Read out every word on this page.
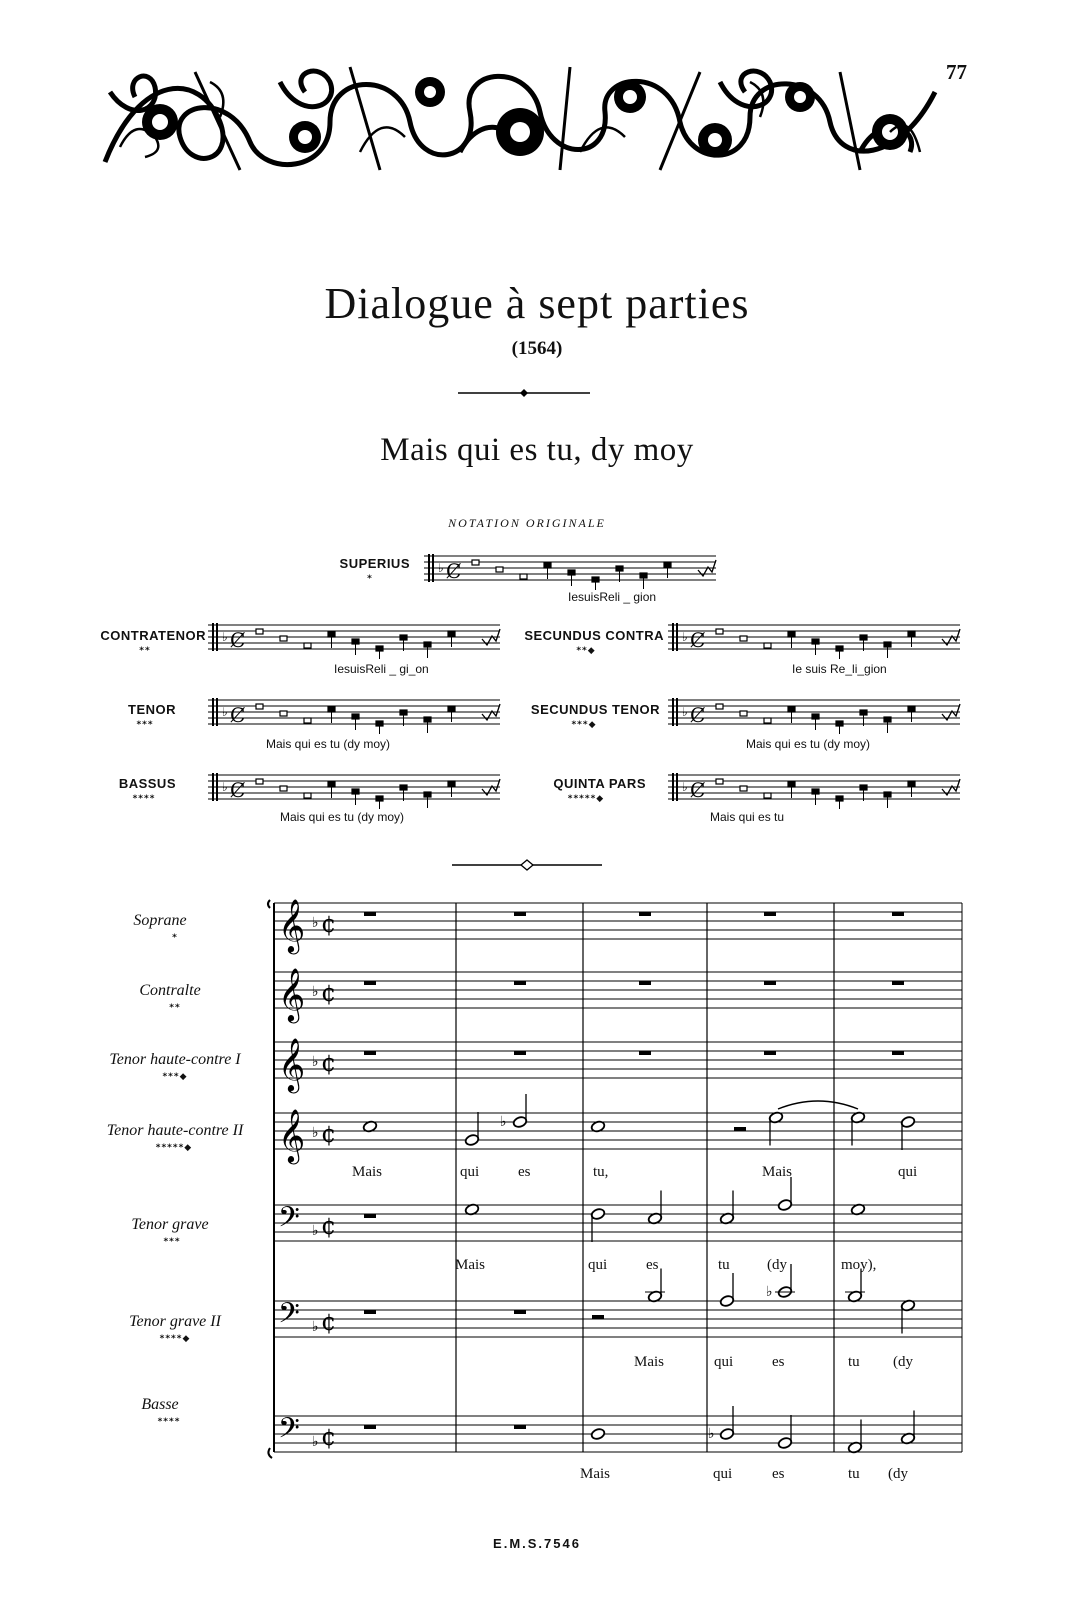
77
Dialogue à sept parties
(1564)
Mais qui es tu, dy moy
NOTATION ORIGINALE
SUPERIUS
*
♭ Ȼ
IesuisReli _ gion
CONTRATENOR
**
♭ Ȼ
IesuisReli _ gi_on
SECUNDUS CONTRA
**◆
♭ Ȼ
Ie suis Re_li_gion
TENOR
***
♭ Ȼ
Mais qui es tu (dy moy)
SECUNDUS TENOR
***◆
♭ Ȼ
Mais qui es tu (dy moy)
BASSUS
****
♭ Ȼ
Mais qui es tu (dy moy)
QUINTA PARS
*****◆
♭ Ȼ
Mais qui es tu
Soprane
*
Contralte
**
Tenor haute-contre I
***◆
Tenor haute-contre II
*****◆
Tenor grave
***
Tenor grave II
****◆
Basse
****
𝄞 ♭ ¢
𝄞 ♭ ¢
𝄞 ♭ ¢
𝄞 ♭ ¢
𝄢 ♭ ¢
𝄢 ♭ ¢
𝄢 ♭ ¢
♭
♭
♭
Mais	qui	es	tu,	Mais	qui
Mais	qui	es	tu (dy	moy),
Mais	qui	es	tu (dy
Mais	qui	es	tu (dy
E.M.S.7546
